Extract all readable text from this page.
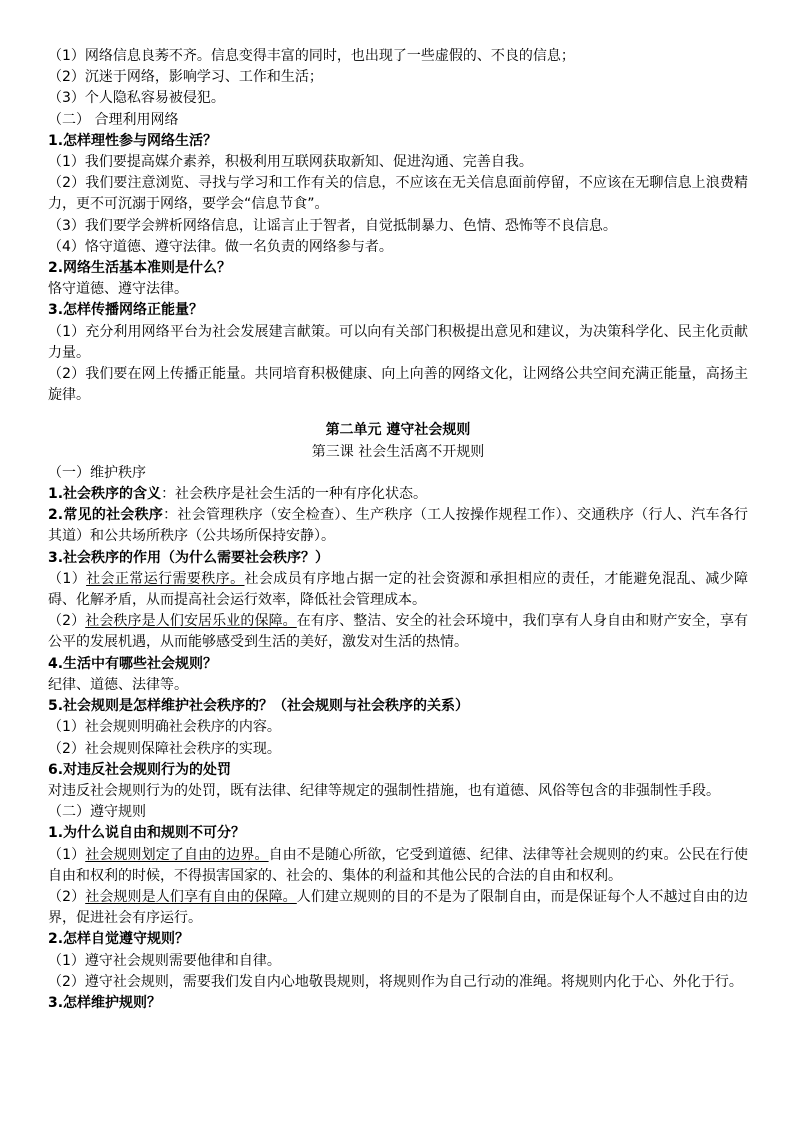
（1）网络信息良莠不齐。信息变得丰富的同时，也出现了一些虚假的、不良的信息；

（2）沉迷于网络，影响学习、工作和生活；

（3）个人隐私容易被侵犯。

（二） 合理利用网络

1.怎样理性参与网络生活？

（1）我们要提高媒介素养，积极利用互联网获取新知、促进沟通、完善自我。

（2）我们要注意浏览、寻找与学习和工作有关的信息，不应该在无关信息面前停留，不应该在无聊信息上浪费精力，更不可沉溺于网络，要学会“信息节食”。

（3）我们要学会辨析网络信息，让谣言止于智者，自觉抵制暴力、色情、恐怖等不良信息。

（4）恪守道德、遵守法律。做一名负责的网络参与者。

2.网络生活基本准则是什么？

恪守道德、遵守法律。

3.怎样传播网络正能量？

（1）充分利用网络平台为社会发展建言献策。可以向有关部门积极提出意见和建议，为决策科学化、民主化贡献力量。

（2）我们要在网上传播正能量。共同培育积极健康、向上向善的网络文化，让网络公共空间充满正能量，高扬主旋律。

第二单元 遵守社会规则

第三课 社会生活离不开规则

（一）维护秩序

1.社会秩序的含义：社会秩序是社会生活的一种有序化状态。

2.常见的社会秩序：社会管理秩序（安全检查）、生产秩序（工人按操作规程工作）、交通秩序（行人、汽车各行其道）和公共场所秩序（公共场所保持安静）。

3.社会秩序的作用（为什么需要社会秩序？）

（1）社会正常运行需要秩序。社会成员有序地占据一定的社会资源和承担相应的责任，才能避免混乱、减少障碍、化解矛盾，从而提高社会运行效率，降低社会管理成本。

（2）社会秩序是人们安居乐业的保障。在有序、整洁、安全的社会环境中，我们享有人身自由和财产安全，享有公平的发展机遇，从而能够感受到生活的美好，激发对生活的热情。

4.生活中有哪些社会规则？

纪律、道德、法律等。

5.社会规则是怎样维护社会秩序的？（社会规则与社会秩序的关系）

（1）社会规则明确社会秩序的内容。

（2）社会规则保障社会秩序的实现。

6.对违反社会规则行为的处罚

对违反社会规则行为的处罚，既有法律、纪律等规定的强制性措施，也有道德、风俗等包含的非强制性手段。

（二）遵守规则

1.为什么说自由和规则不可分？

（1）社会规则划定了自由的边界。自由不是随心所欲，它受到道德、纪律、法律等社会规则的约束。公民在行使自由和权利的时候，不得损害国家的、社会的、集体的利益和其他公民的合法的自由和权利。

（2）社会规则是人们享有自由的保障。人们建立规则的目的不是为了限制自由，而是保证每个人不越过自由的边界，促进社会有序运行。

2.怎样自觉遵守规则？

（1）遵守社会规则需要他律和自律。

（2）遵守社会规则，需要我们发自内心地敬畏规则，将规则作为自己行动的准绳。将规则内化于心、外化于行。

3.怎样维护规则？
